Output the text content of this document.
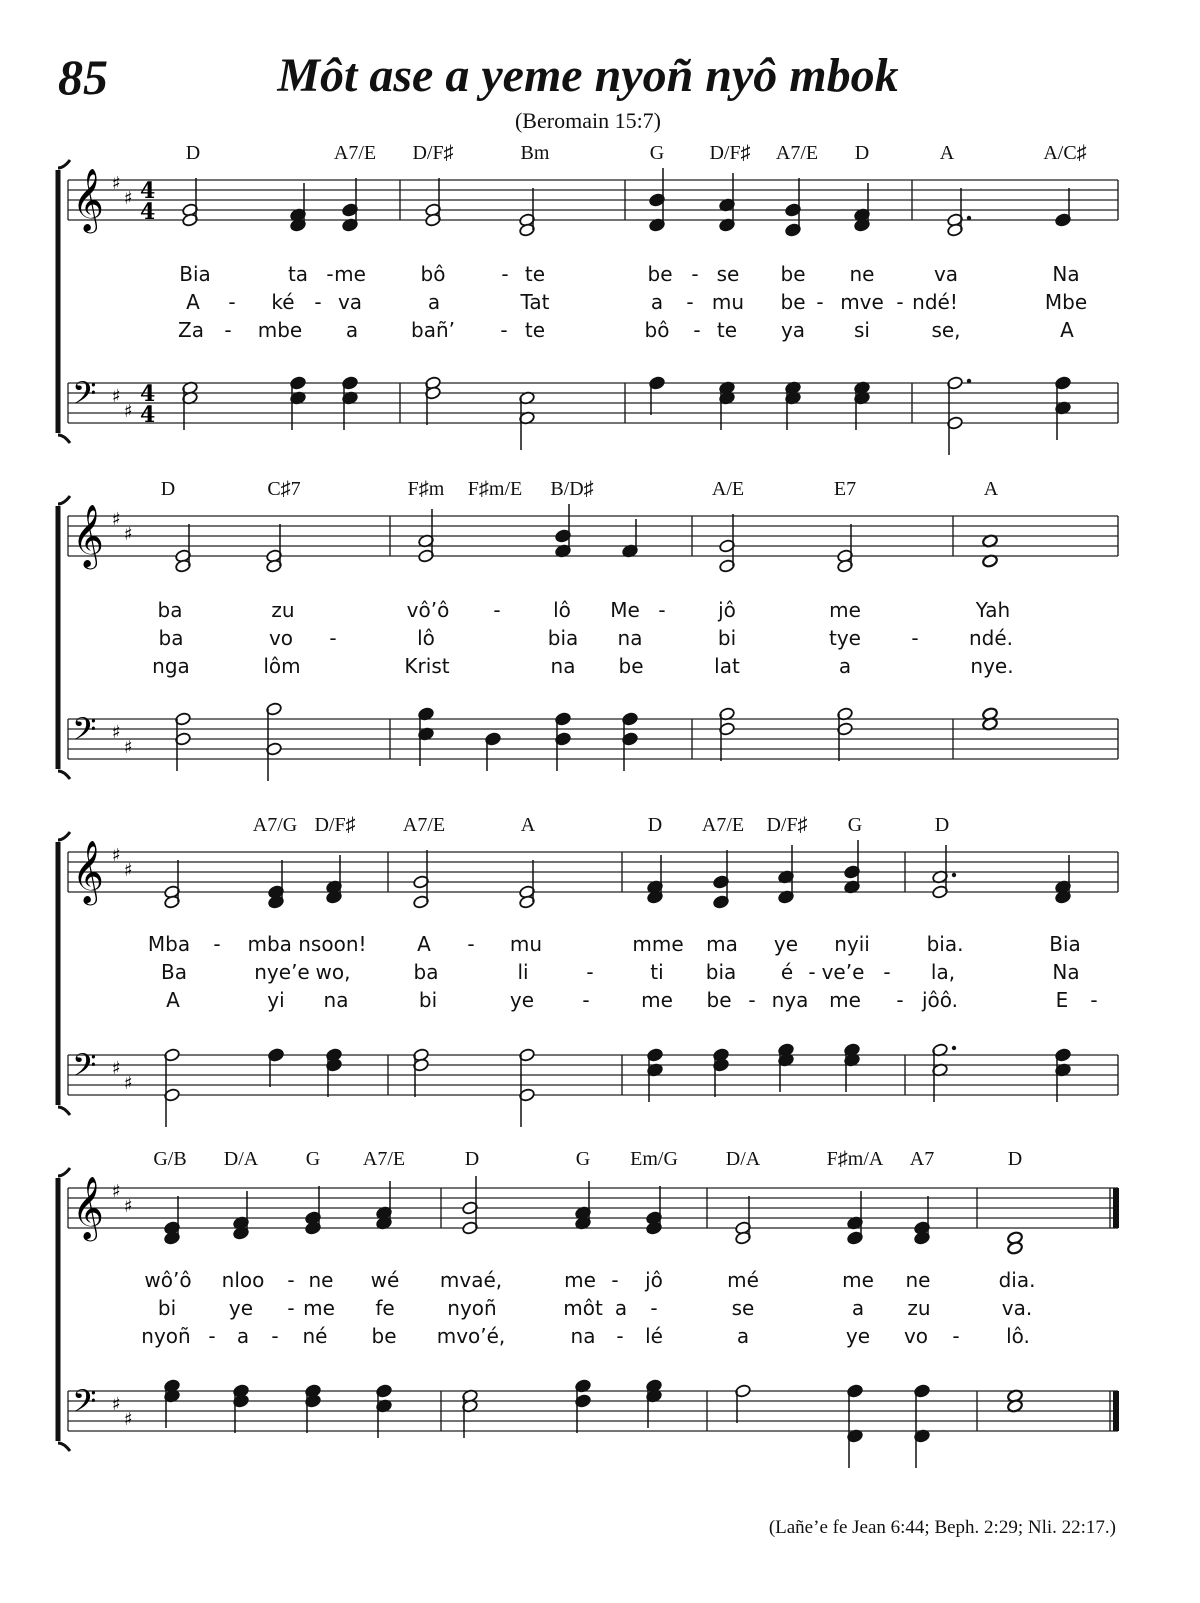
85	Môt ase a yeme nyoñ nyô mbok
(Beromain 15:7)
𝄞 ♯
♯ 4
4
𝄢 ♯
♯
4
4
D	A7/E D/F♯	Bm	G D/F♯ A7/E D	A	A/C♯
Bia	ta - me	bô	- te	be - se be ne	va	Na
A - ké - va	a	Tat	a - mu be - mve - ndé!	Mbe
Za - mbe a	bañ’ - te	bô - te ya si	se,	A
𝄞 ♯
♯
𝄢 ♯
♯
D	C♯7	F♯m F♯m/E B/D♯	A/E	E7	A
ba	zu	vô’ô -	lô Me -	jô	me	Yah
ba	vo -	lô	bia na	bi	tye	-	ndé.
nga	lôm	Krist	na be	lat	a	nye.
𝄞 ♯
♯
𝄢 ♯
♯
A7/G D/F♯ A7/E	A	D A7/E D/F♯ G	D
Mba - mba nsoon!	A - mu	mme ma ye nyii	bia.	Bia
Ba	nye’e wo,	ba	li	-	ti bia é - ve’e - la,	Na
A	yi na	bi	ye -	me be - nya me - jôô.	E -
𝄞 ♯
♯
𝄢 ♯
♯
G/B D/A G A7/E	D	G Em/G D/A	F♯m/A A7	D
wô’ô nloo - ne wé mvaé,	me - jô	mé	me ne	dia.
bi	ye - me fe	nyoñ	môt a -	se	a zu	va.
nyoñ - a - né be mvo’é,	na - lé	a	ye vo - lô.
(Lañe’e fe Jean 6:44; Beph. 2:29; Nli. 22:17.)
